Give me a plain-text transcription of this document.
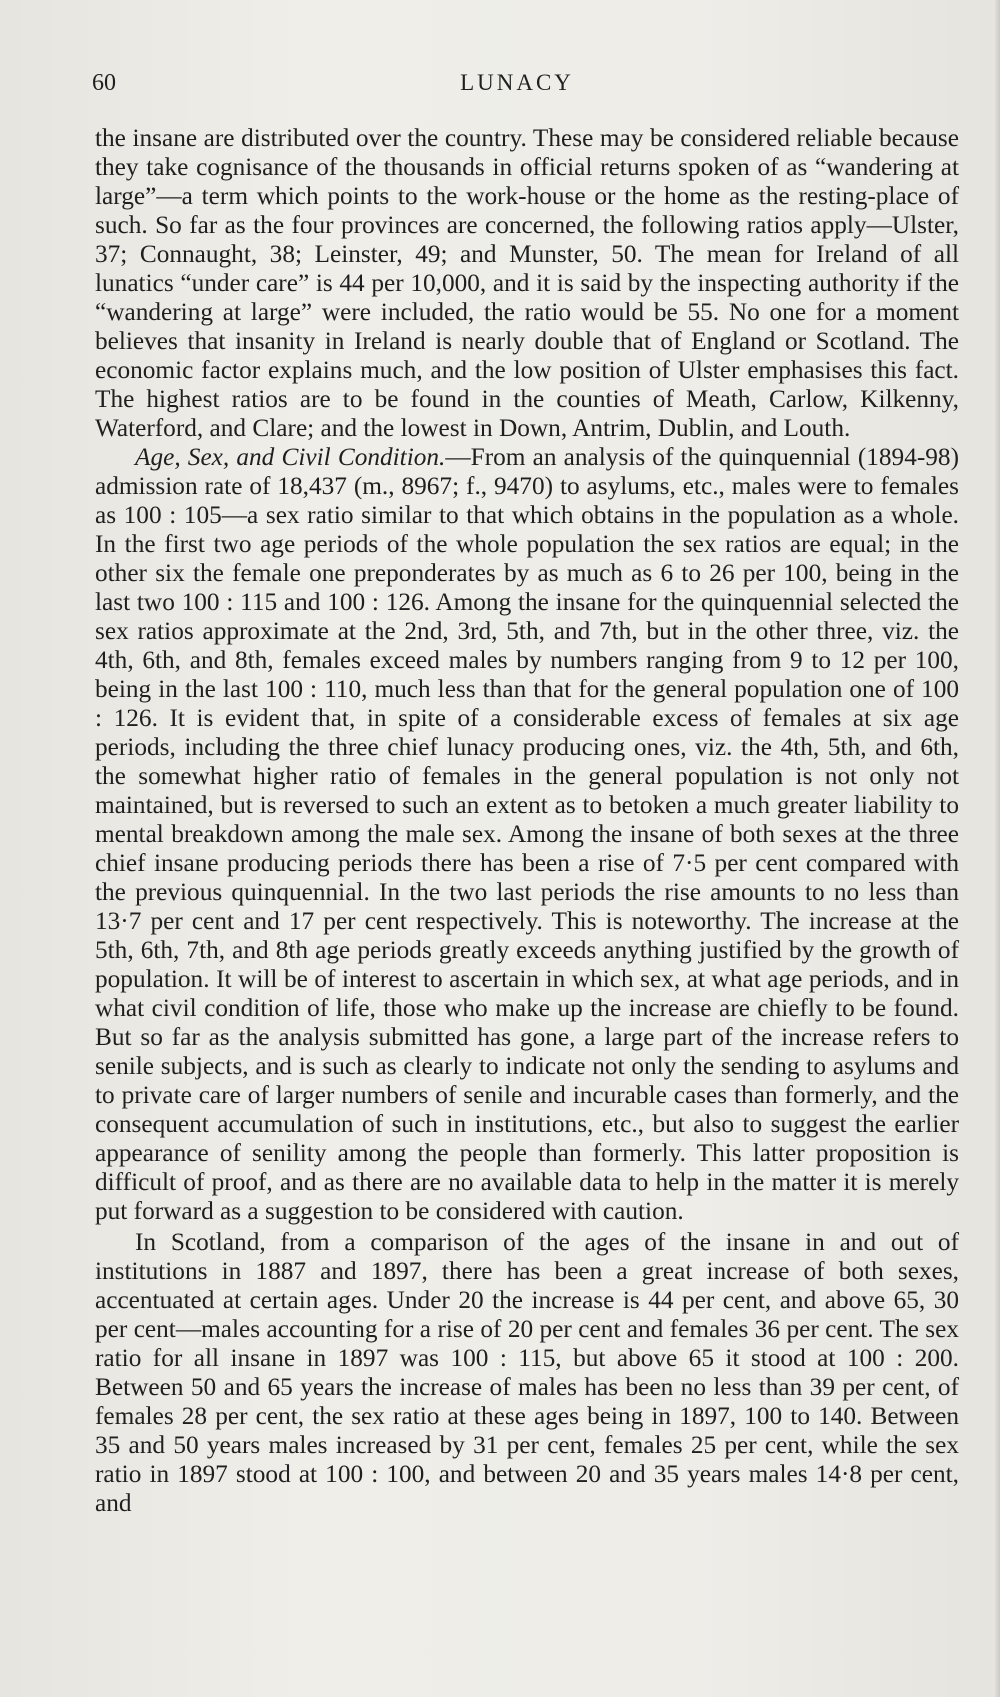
60	LUNACY

the insane are distributed over the country. These may be considered reliable because they take cognisance of the thousands in official returns spoken of as “wandering at large”—a term which points to the work-house or the home as the resting-place of such. So far as the four provinces are concerned, the following ratios apply—Ulster, 37; Connaught, 38; Leinster, 49; and Munster, 50. The mean for Ireland of all lunatics “under care” is 44 per 10,000, and it is said by the inspecting authority if the “wandering at large” were included, the ratio would be 55. No one for a moment believes that insanity in Ireland is nearly double that of England or Scotland. The economic factor explains much, and the low position of Ulster emphasises this fact. The highest ratios are to be found in the counties of Meath, Carlow, Kilkenny, Waterford, and Clare; and the lowest in Down, Antrim, Dublin, and Louth.

Age, Sex, and Civil Condition.—From an analysis of the quinquennial (1894-98) admission rate of 18,437 (m., 8967; f., 9470) to asylums, etc., males were to females as 100 : 105—a sex ratio similar to that which obtains in the population as a whole. In the first two age periods of the whole population the sex ratios are equal; in the other six the female one preponderates by as much as 6 to 26 per 100, being in the last two 100 : 115 and 100 : 126. Among the insane for the quinquennial selected the sex ratios approximate at the 2nd, 3rd, 5th, and 7th, but in the other three, viz. the 4th, 6th, and 8th, females exceed males by numbers ranging from 9 to 12 per 100, being in the last 100 : 110, much less than that for the general population one of 100 : 126. It is evident that, in spite of a considerable excess of females at six age periods, including the three chief lunacy producing ones, viz. the 4th, 5th, and 6th, the somewhat higher ratio of females in the general population is not only not maintained, but is reversed to such an extent as to betoken a much greater liability to mental breakdown among the male sex. Among the insane of both sexes at the three chief insane producing periods there has been a rise of 7·5 per cent compared with the previous quinquennial. In the two last periods the rise amounts to no less than 13·7 per cent and 17 per cent respectively. This is noteworthy. The increase at the 5th, 6th, 7th, and 8th age periods greatly exceeds anything justified by the growth of population. It will be of interest to ascertain in which sex, at what age periods, and in what civil condition of life, those who make up the increase are chiefly to be found. But so far as the analysis submitted has gone, a large part of the increase refers to senile subjects, and is such as clearly to indicate not only the sending to asylums and to private care of larger numbers of senile and incurable cases than formerly, and the consequent accumulation of such in institutions, etc., but also to suggest the earlier appearance of senility among the people than formerly. This latter proposition is difficult of proof, and as there are no available data to help in the matter it is merely put forward as a suggestion to be considered with caution.

In Scotland, from a comparison of the ages of the insane in and out of institutions in 1887 and 1897, there has been a great increase of both sexes, accentuated at certain ages. Under 20 the increase is 44 per cent, and above 65, 30 per cent—males accounting for a rise of 20 per cent and females 36 per cent. The sex ratio for all insane in 1897 was 100 : 115, but above 65 it stood at 100 : 200. Between 50 and 65 years the increase of males has been no less than 39 per cent, of females 28 per cent, the sex ratio at these ages being in 1897, 100 to 140. Between 35 and 50 years males increased by 31 per cent, females 25 per cent, while the sex ratio in 1897 stood at 100 : 100, and between 20 and 35 years males 14·8 per cent, and
